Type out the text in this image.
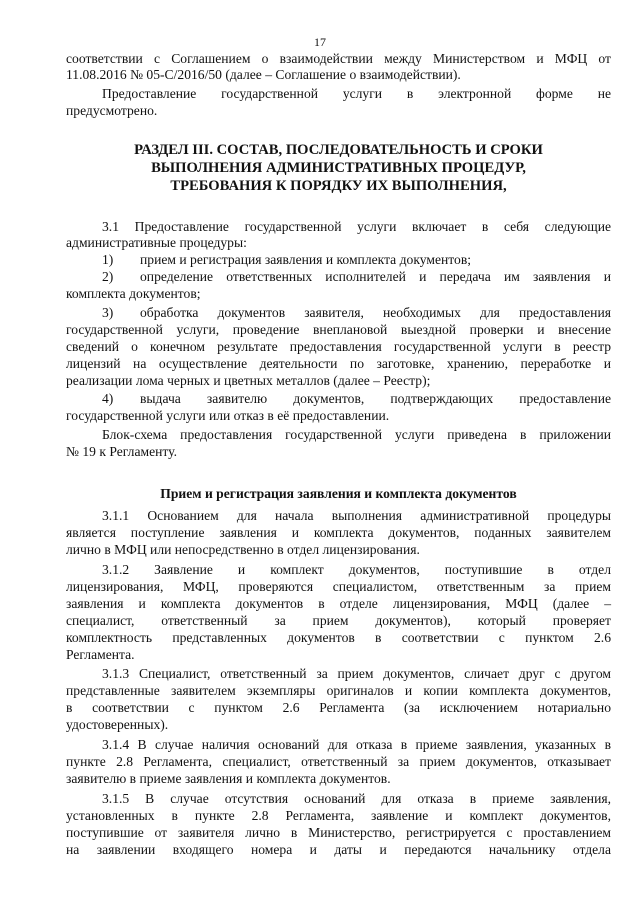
17
соответствии с Соглашением о взаимодействии между Министерством и МФЦ от
11.08.2016 № 05-С/2016/50 (далее – Соглашение о взаимодействии).
Предоставление государственной услуги в электронной форме не
предусмотрено.
РАЗДЕЛ III. СОСТАВ, ПОСЛЕДОВАТЕЛЬНОСТЬ И СРОКИ
ВЫПОЛНЕНИЯ АДМИНИСТРАТИВНЫХ ПРОЦЕДУР,
ТРЕБОВАНИЯ К ПОРЯДКУ ИХ ВЫПОЛНЕНИЯ,
3.1 Предоставление государственной услуги включает в себя следующие
административные процедуры:
1)	прием и регистрация заявления и комплекта документов;
2)	определение ответственных исполнителей и передача им заявления и
комплекта документов;
3)	обработка документов заявителя, необходимых для предоставления
государственной услуги, проведение внеплановой выездной проверки и внесение
сведений о конечном результате предоставления государственной услуги в реестр
лицензий на осуществление деятельности по заготовке, хранению, переработке и
реализации лома черных и цветных металлов (далее – Реестр);
4)	выдача заявителю документов, подтверждающих предоставление
государственной услуги или отказ в её предоставлении.
Блок-схема предоставления государственной услуги приведена в приложении
№ 19 к Регламенту.
Прием и регистрация заявления и комплекта документов
3.1.1 Основанием для начала выполнения административной процедуры
является поступление заявления и комплекта документов, поданных заявителем
лично в МФЦ или непосредственно в отдел лицензирования.
3.1.2 Заявление и комплект документов, поступившие в отдел
лицензирования, МФЦ, проверяются специалистом, ответственным за прием
заявления и комплекта документов в отделе лицензирования, МФЦ (далее –
специалист, ответственный за прием документов), который проверяет
комплектность представленных документов в соответствии с пунктом 2.6
Регламента.
3.1.3 Специалист, ответственный за прием документов, сличает друг с другом
представленные заявителем экземпляры оригиналов и копии комплекта документов,
в соответствии с пунктом 2.6 Регламента (за исключением нотариально
удостоверенных).
3.1.4 В случае наличия оснований для отказа в приеме заявления, указанных в
пункте 2.8 Регламента, специалист, ответственный за прием документов, отказывает
заявителю в приеме заявления и комплекта документов.
3.1.5 В случае отсутствия оснований для отказа в приеме заявления,
установленных в пункте 2.8 Регламента, заявление и комплект документов,
поступившие от заявителя лично в Министерство, регистрируется с проставлением
на заявлении входящего номера и даты и передаются начальнику отдела
